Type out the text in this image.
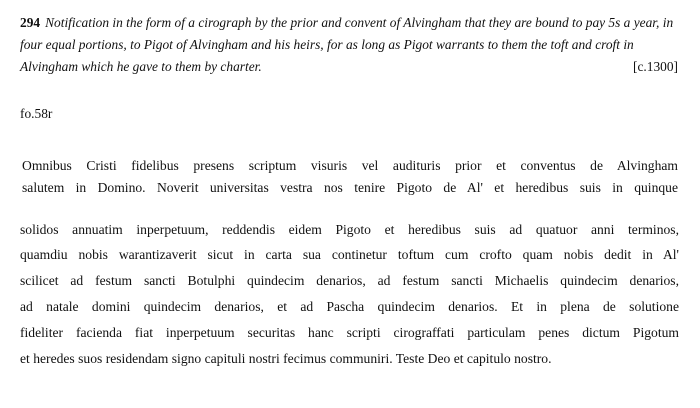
294 Notification in the form of a cirograph by the prior and convent of Alvingham that they are bound to pay 5s a year, in four equal portions, to Pigot of Alvingham and his heirs, for as long as Pigot warrants to them the toft and croft in Alvingham which he gave to them by charter.	[c.1300]
fo.58r
Omnibus Cristi fidelibus presens scriptum visuris vel audituris prior et conventus de Alvingham
salutem in Domino. Noverit universitas vestra nos tenire Pigoto de Al' et heredibus suis in quinque
solidos annuatim inperpetuum, reddendis eidem Pigoto et heredibus suis ad quatuor anni terminos,
quamdiu nobis warantizaverit sicut in carta sua continetur toftum cum crofto quam nobis dedit in Al'
scilicet ad festum sancti Botulphi quindecim denarios, ad festum sancti Michaelis quindecim denarios,
ad natale domini quindecim denarios, et ad Pascha quindecim denarios. Et in plena de solutione
fideliter facienda fiat inperpetuum securitas hanc scripti cirograffati particulam penes dictum Pigotum
et heredes suos residendam signo capituli nostri fecimus communiri. Teste Deo et capitulo nostro.
